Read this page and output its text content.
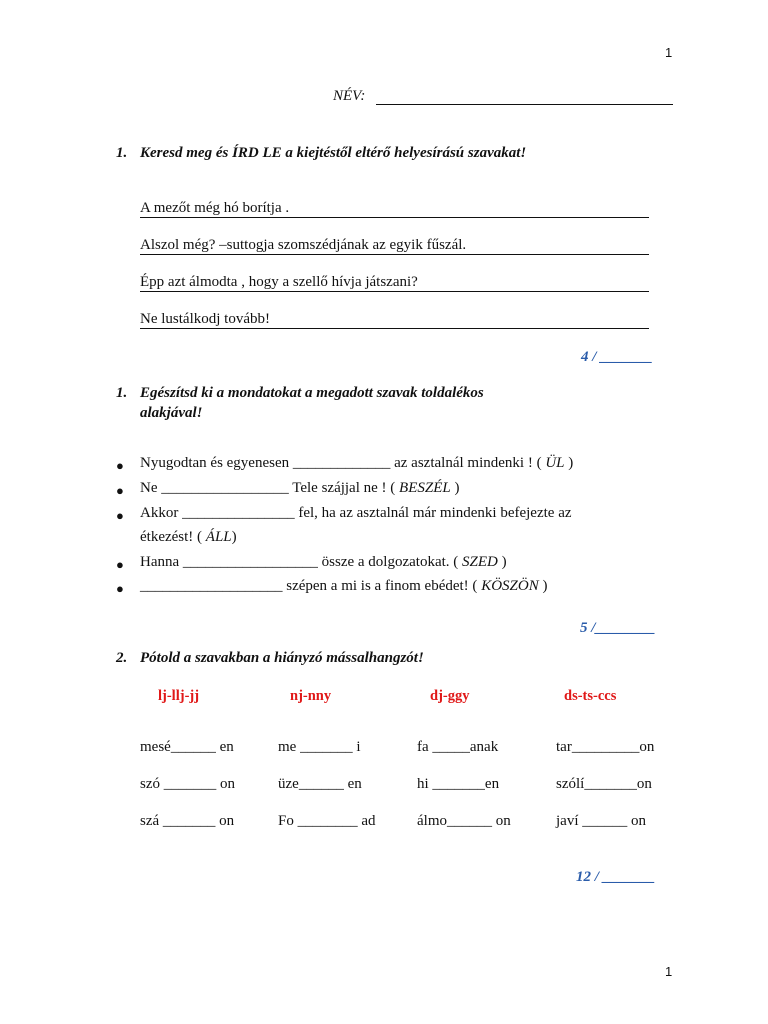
1
1
NÉV:
1. Keresd meg és ÍRD LE a kiejtéstől eltérő helyesírású szavakat!
A mezőt még hó borítja .
Alszol még? –suttogja szomszédjának az egyik fűszál.
Épp azt álmodta , hogy a szellő hívja játszani?
Ne lustálkodj tovább!
4 / _______
1. Egészítsd ki a mondatokat a megadott szavak toldalékos
alakjával!
● Nyugodtan és egyenesen _____________ az asztalnál mindenki ! ( ÜL )
● Ne _________________ Tele szájjal ne ! ( BESZÉL )
● Akkor _______________ fel, ha az asztalnál már mindenki befejezte az
étkezést! ( ÁLL)
● Hanna __________________ össze a dolgozatokat. ( SZED )
● ___________________ szépen a mi is a finom ebédet! ( KÖSZÖN )
5 /________
2. Pótold a szavakban a hiányzó mássalhangzót!
lj-llj-jj	nj-nny	dj-ggy	ds-ts-ccs
mesé______ en	me _______ i	fa _____anak	tar_________on
szó _______ on	üze______ en	hi _______en	szólí_______on
szá _______ on	Fo ________ ad	álmo______ on	javí ______ on
12 / _______
